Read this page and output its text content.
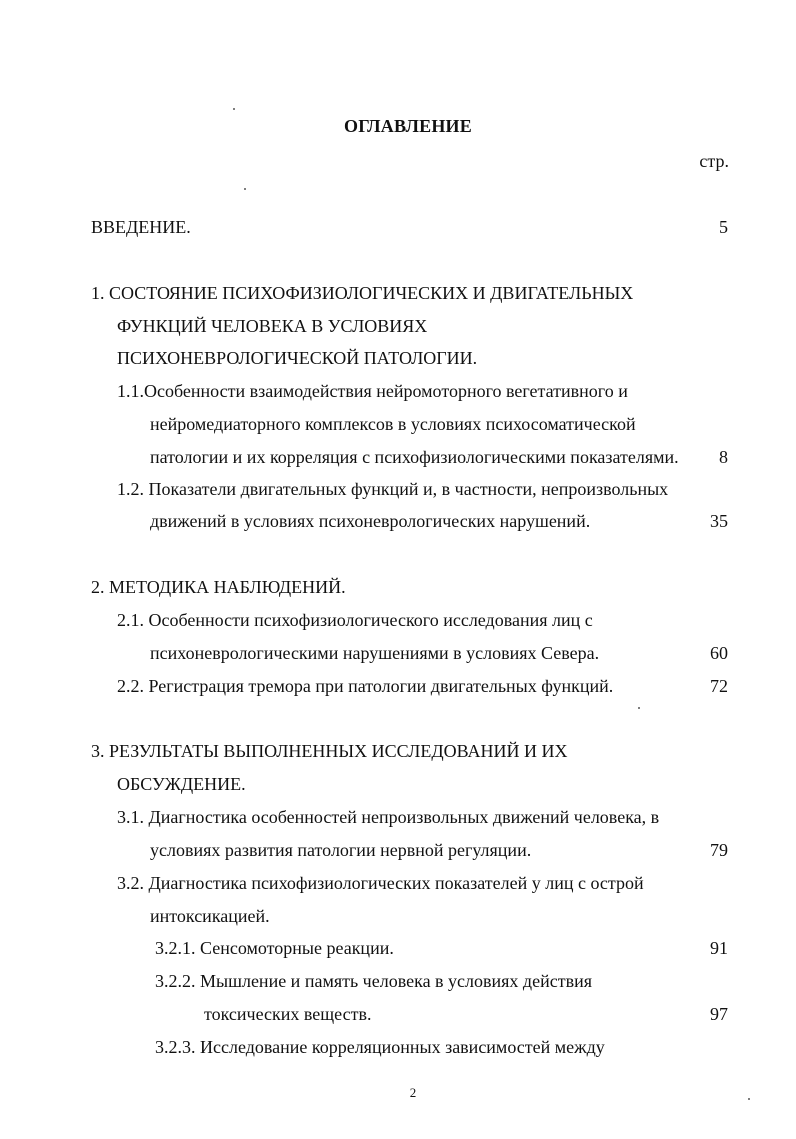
ОГЛАВЛЕНИЕ
стр.
ВВЕДЕНИЕ.	5
1. СОСТОЯНИЕ ПСИХОФИЗИОЛОГИЧЕСКИХ И ДВИГАТЕЛЬНЫХ
ФУНКЦИЙ ЧЕЛОВЕКА В УСЛОВИЯХ
ПСИХОНЕВРОЛОГИЧЕСКОЙ ПАТОЛОГИИ.
1.1.Особенности взаимодействия нейромоторного вегетативного и
нейромедиаторного комплексов в условиях психосоматической
патологии и их корреляция с психофизиологическими показателями. 8
1.2. Показатели двигательных функций и, в частности, непроизвольных
движений в условиях психоневрологических нарушений.	35
2. МЕТОДИКА НАБЛЮДЕНИЙ.
2.1. Особенности психофизиологического исследования лиц с
психоневрологическими нарушениями в условиях Севера.	60
2.2. Регистрация тремора при патологии двигательных функций.	72
3. РЕЗУЛЬТАТЫ ВЫПОЛНЕННЫХ ИССЛЕДОВАНИЙ И ИХ
ОБСУЖДЕНИЕ.
3.1. Диагностика особенностей непроизвольных движений человека, в
условиях развития патологии нервной регуляции.	79
3.2. Диагностика психофизиологических показателей у лиц с острой
интоксикацией.
3.2.1. Сенсомоторные реакции.	91
3.2.2. Мышление и память человека в условиях действия
токсических веществ.	97
3.2.3. Исследование корреляционных зависимостей между
2
